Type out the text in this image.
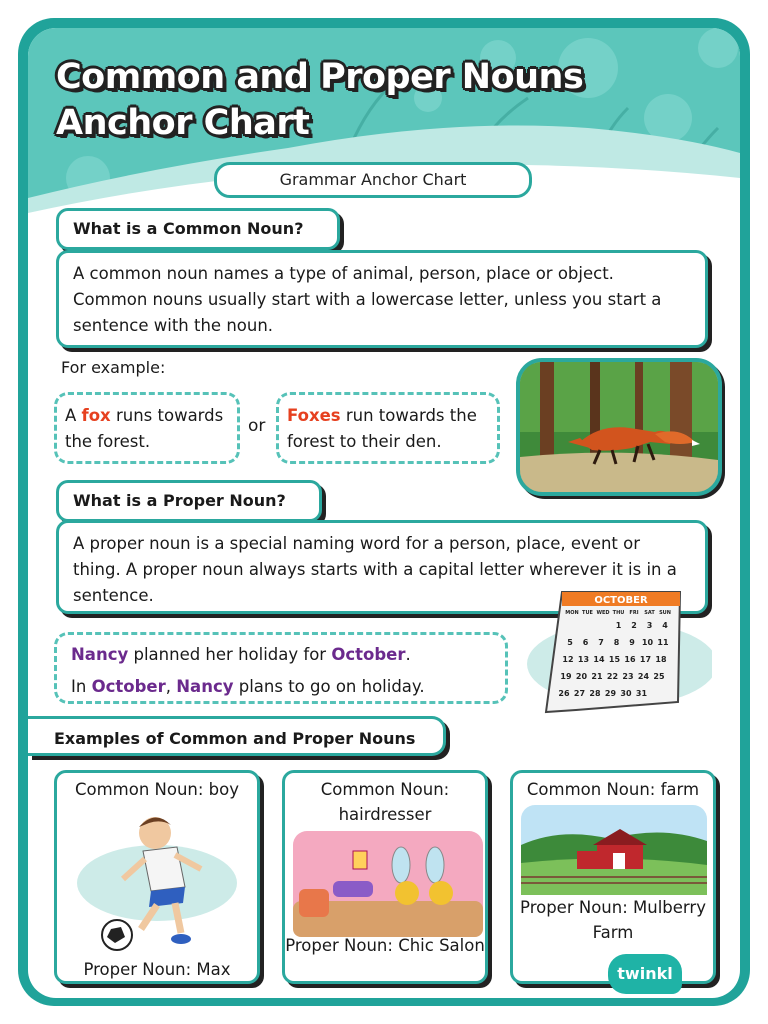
Common and Proper Nouns
Anchor Chart
Grammar Anchor Chart
What is a Common Noun?
A common noun names a type of animal, person, place or object. Common nouns usually start with a lowercase letter, unless you start a sentence with the noun.
For example:
A fox runs towards the forest.
or
Foxes run towards the forest to their den.
What is a Proper Noun?
A proper noun is a special naming word for a person, place, event or thing. A proper noun always starts with a capital letter wherever it is in a sentence.	OCTOBER
MON TUE WED THU FRI SAT SUN
1 2 3 4
5 6 7 8 9 10 11
12 13 14 15 16 17 18
19 20 21 22 23 24 25
26 27 28 29 30 31
Nancy planned her holiday for October.
In October, Nancy plans to go on holiday.
Examples of Common and Proper Nouns
Common Noun: boy
Proper Noun: Max
Common Noun: hairdresser
Proper Noun: Chic Salon
Common Noun: farm
Proper Noun: Mulberry Farm
twinkl
